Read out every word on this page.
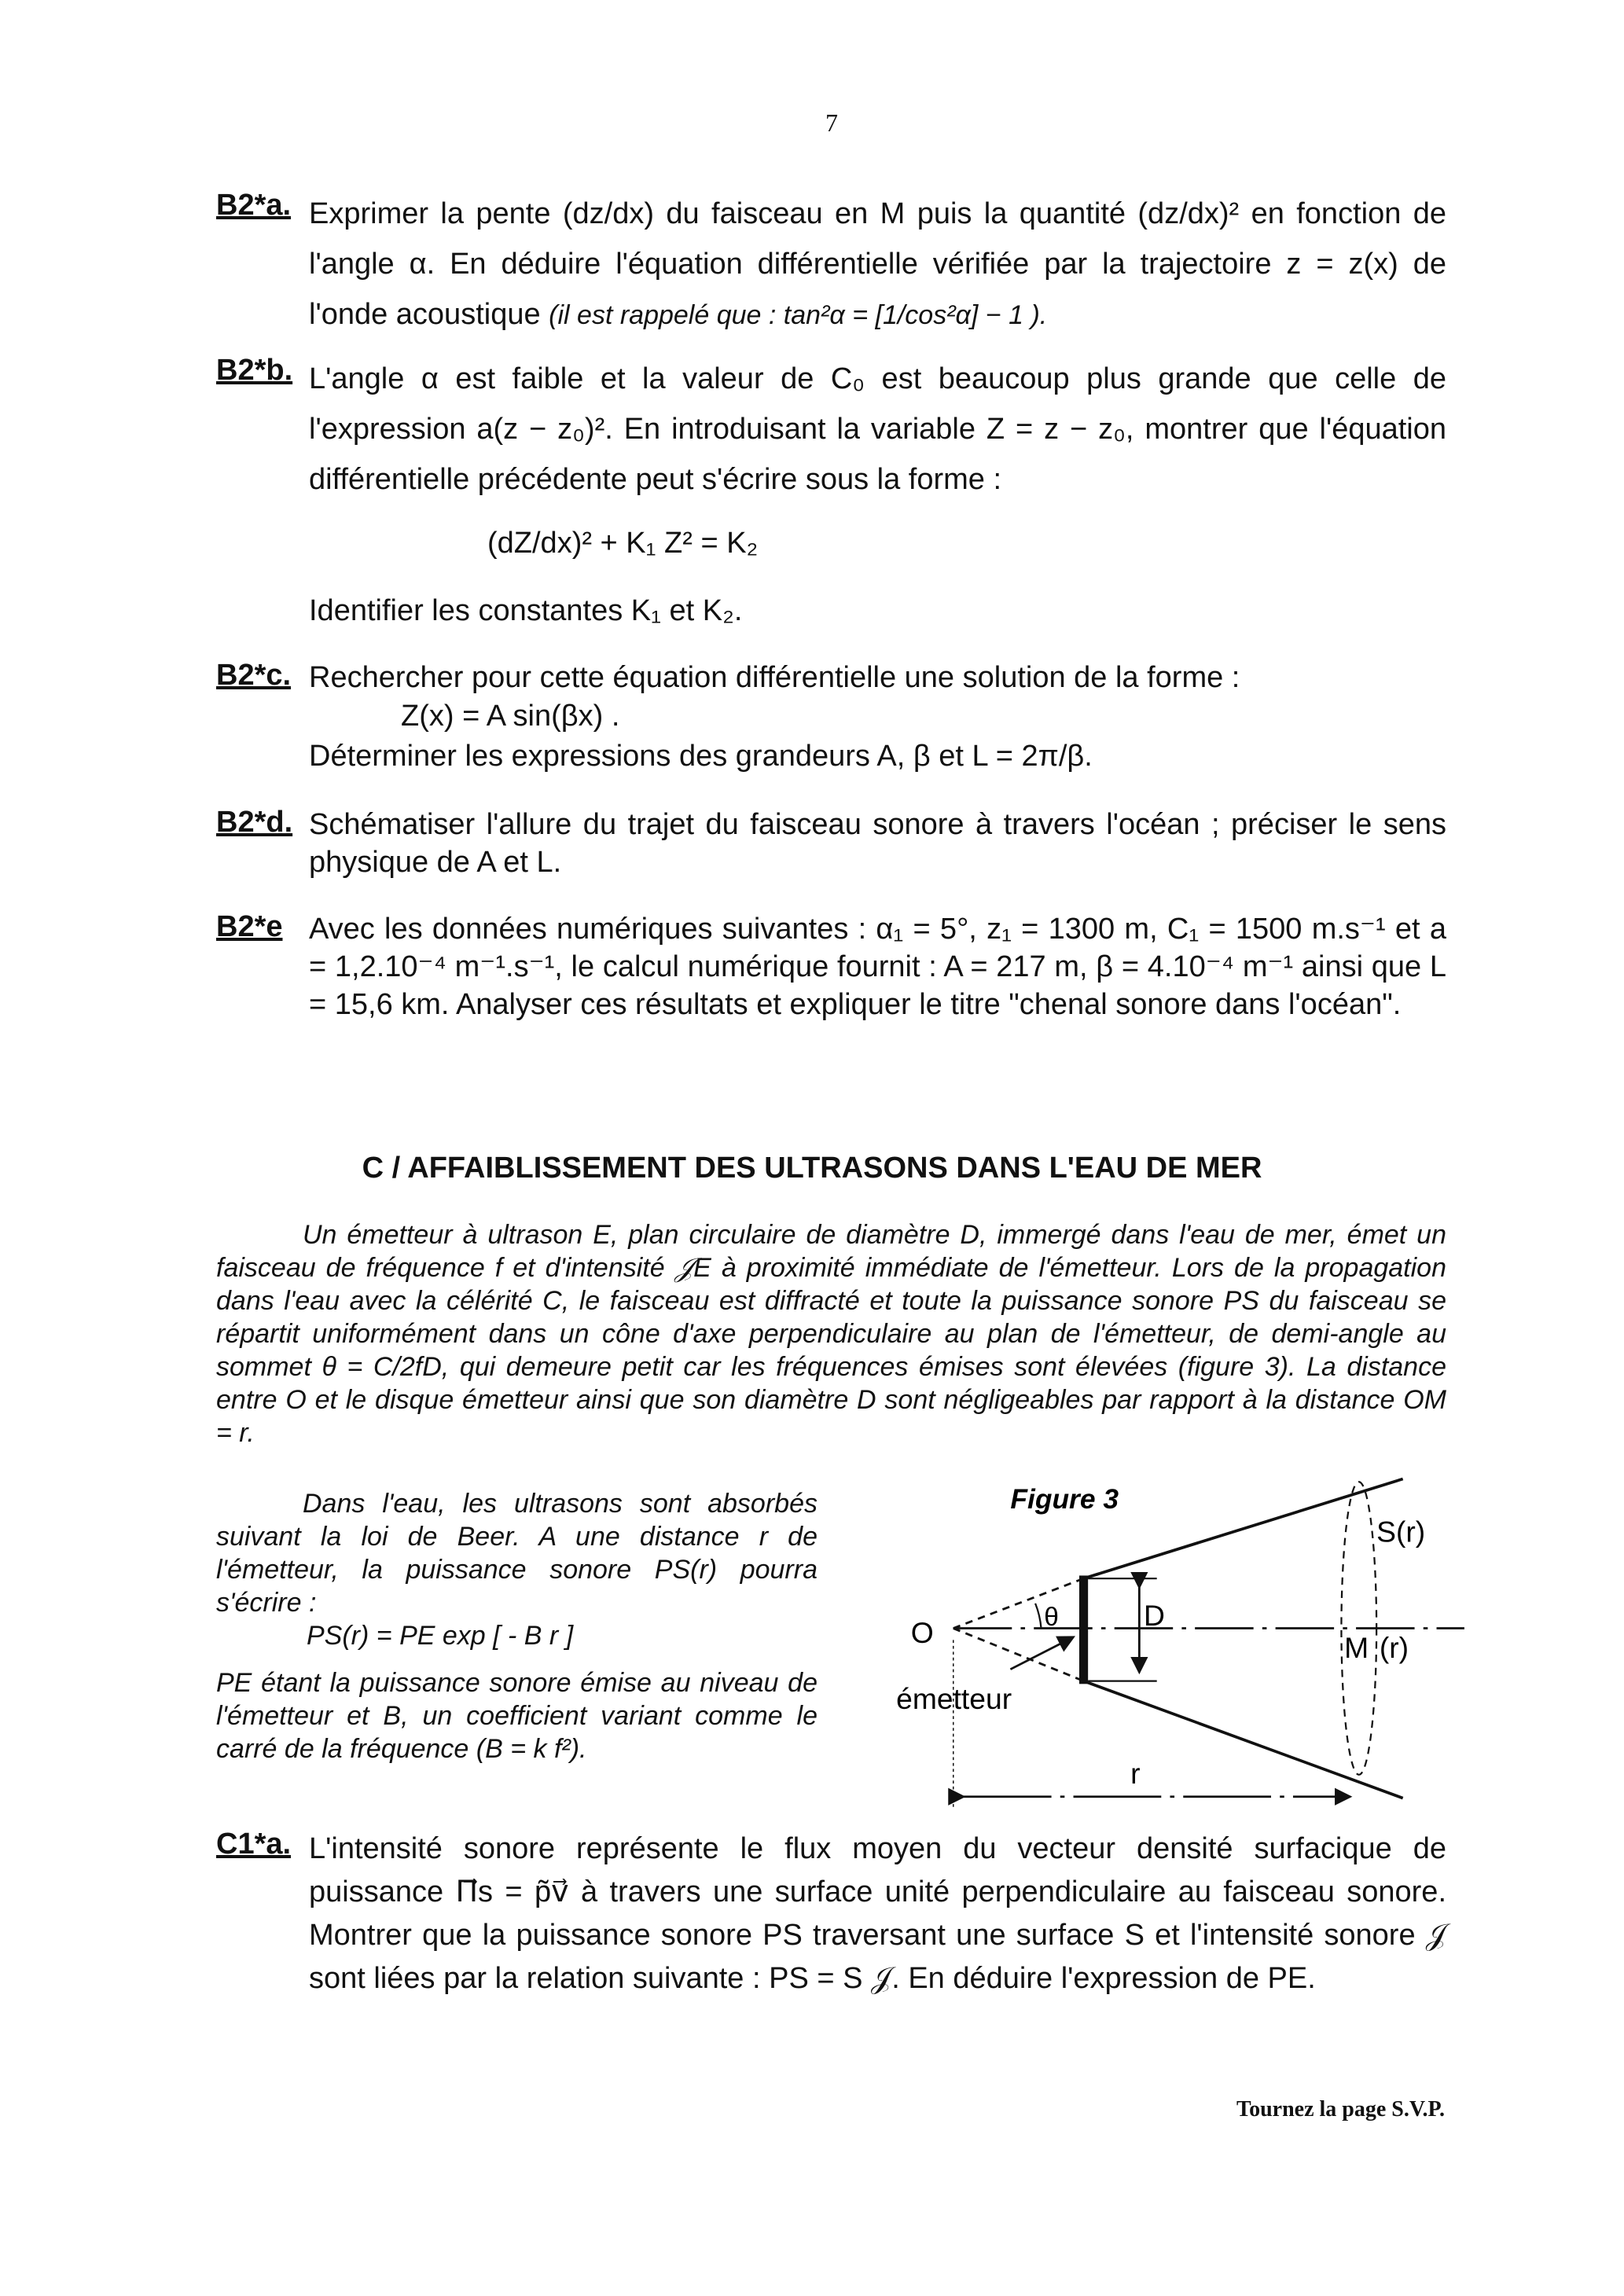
7
B2*a. Exprimer la pente (dz/dx) du faisceau en M puis la quantité (dz/dx)² en fonction de l'angle α. En déduire l'équation différentielle vérifiée par la trajectoire z = z(x) de l'onde acoustique (il est rappelé que : tan²α = [1/cos²α] − 1 ).
B2*b. L'angle α est faible et la valeur de C₀ est beaucoup plus grande que celle de l'expression a(z − z₀)². En introduisant la variable Z = z − z₀, montrer que l'équation différentielle précédente peut s'écrire sous la forme :
(dZ/dx)² + K₁ Z² = K₂
Identifier les constantes K₁ et K₂.
B2*c. Rechercher pour cette équation différentielle une solution de la forme :
Z(x) = A sin(βx) .
Déterminer les expressions des grandeurs A, β et L = 2π/β.
B2*d. Schématiser l'allure du trajet du faisceau sonore à travers l'océan ; préciser le sens physique de A et L.
B2*e Avec les données numériques suivantes : α₁ = 5°, z₁ = 1300 m, C₁ = 1500 m.s⁻¹ et a = 1,2.10⁻⁴ m⁻¹.s⁻¹, le calcul numérique fournit : A = 217 m, β = 4.10⁻⁴ m⁻¹ ainsi que L = 15,6 km. Analyser ces résultats et expliquer le titre "chenal sonore dans l'océan".
C / AFFAIBLISSEMENT DES ULTRASONS DANS L'EAU DE MER
Un émetteur à ultrason E, plan circulaire de diamètre D, immergé dans l'eau de mer, émet un faisceau de fréquence f et d'intensité 𝒥E à proximité immédiate de l'émetteur. Lors de la propagation dans l'eau avec la célérité C, le faisceau est diffracté et toute la puissance sonore PS du faisceau se répartit uniformément dans un cône d'axe perpendiculaire au plan de l'émetteur, de demi-angle au sommet θ = C/2fD, qui demeure petit car les fréquences émises sont élevées (figure 3). La distance entre O et le disque émetteur ainsi que son diamètre D sont négligeables par rapport à la distance OM = r.
Dans l'eau, les ultrasons sont absorbés suivant la loi de Beer. A une distance r de l'émetteur, la puissance sonore PS(r) pourra s'écrire :
PS(r) = PE exp [ - B r ]
PE étant la puissance sonore émise au niveau de l'émetteur et B, un coefficient variant comme le carré de la fréquence (B = k f²).
Figure 3
D
θ
O
émetteur
S(r)
M (r)
r
C1*a. L'intensité sonore représente le flux moyen du vecteur densité surfacique de puissance Π⃗s = p̃v⃗ à travers une surface unité perpendiculaire au faisceau sonore. Montrer que la puissance sonore PS traversant une surface S et l'intensité sonore 𝒥 sont liées par la relation suivante : PS = S 𝒥. En déduire l'expression de PE.
Tournez la page S.V.P.
